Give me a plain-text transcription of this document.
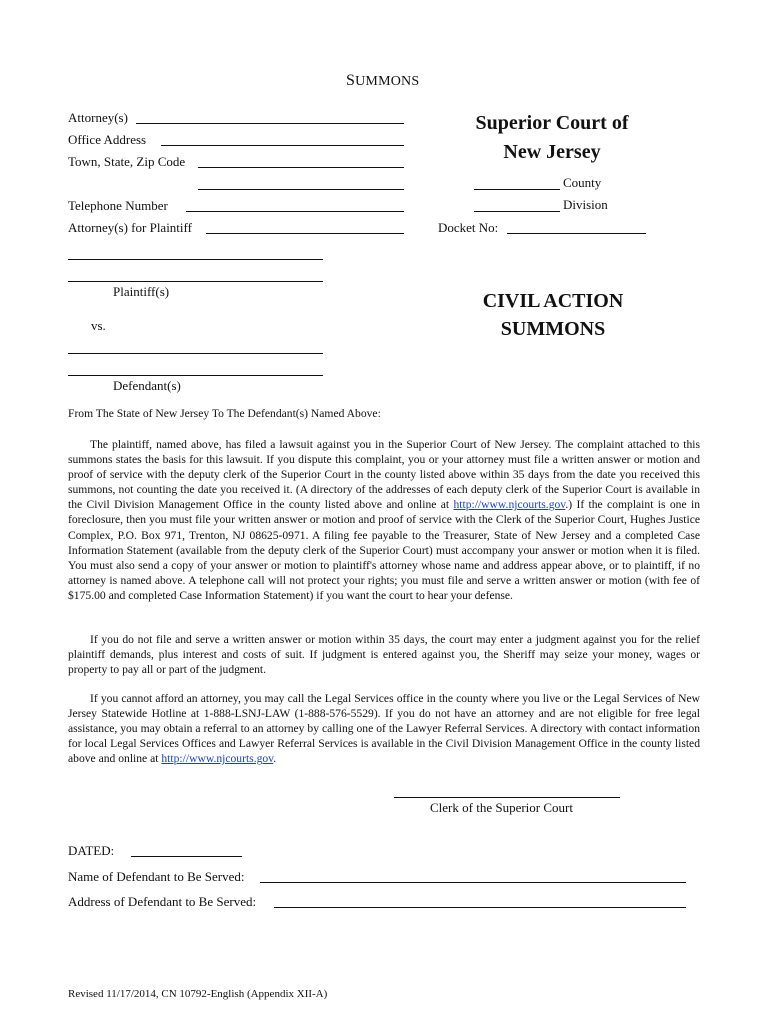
SUMMONS
Attorney(s)
Office Address
Town, State, Zip Code
Telephone Number
Attorney(s) for Plaintiff
Superior Court of
New Jersey
County
Division
Docket No:
Plaintiff(s)
vs.
Defendant(s)
CIVIL ACTION
SUMMONS
From The State of New Jersey To The Defendant(s) Named Above:
The plaintiff, named above, has filed a lawsuit against you in the Superior Court of New Jersey. The complaint attached to this summons states the basis for this lawsuit. If you dispute this complaint, you or your attorney must file a written answer or motion and proof of service with the deputy clerk of the Superior Court in the county listed above within 35 days from the date you received this summons, not counting the date you received it. (A directory of the addresses of each deputy clerk of the Superior Court is available in the Civil Division Management Office in the county listed above and online at http://www.njcourts.gov.) If the complaint is one in foreclosure, then you must file your written answer or motion and proof of service with the Clerk of the Superior Court, Hughes Justice Complex, P.O. Box 971, Trenton, NJ 08625-0971. A filing fee payable to the Treasurer, State of New Jersey and a completed Case Information Statement (available from the deputy clerk of the Superior Court) must accompany your answer or motion when it is filed. You must also send a copy of your answer or motion to plaintiff's attorney whose name and address appear above, or to plaintiff, if no attorney is named above. A telephone call will not protect your rights; you must file and serve a written answer or motion (with fee of $175.00 and completed Case Information Statement) if you want the court to hear your defense.
If you do not file and serve a written answer or motion within 35 days, the court may enter a judgment against you for the relief plaintiff demands, plus interest and costs of suit. If judgment is entered against you, the Sheriff may seize your money, wages or property to pay all or part of the judgment.
If you cannot afford an attorney, you may call the Legal Services office in the county where you live or the Legal Services of New Jersey Statewide Hotline at 1-888-LSNJ-LAW (1-888-576-5529). If you do not have an attorney and are not eligible for free legal assistance, you may obtain a referral to an attorney by calling one of the Lawyer Referral Services. A directory with contact information for local Legal Services Offices and Lawyer Referral Services is available in the Civil Division Management Office in the county listed above and online at http://www.njcourts.gov.
Clerk of the Superior Court
DATED:
Name of Defendant to Be Served:
Address of Defendant to Be Served:
Revised 11/17/2014, CN 10792-English (Appendix XII-A)
